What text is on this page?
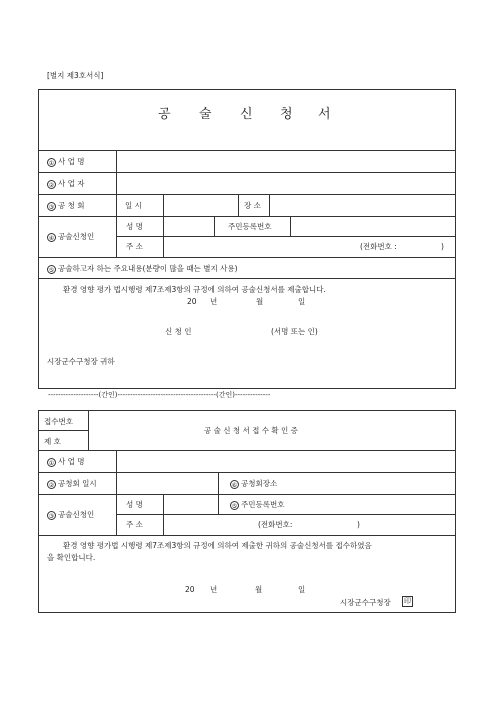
[별지 제3호서식]
공 술 신 청 서
① 사 업 명
② 사 업 자
③ 공 청 회	일 시	장 소
④ 공술신청인
성 명	주민등록번호
주 소	(전화번호 :	)
⑤ 공술하고자 하는 주요내용(분량이 많을 때는 별지 사용)
환경 영향 평가 법시행령 제7조제3항의 규정에 의하여 공술신청서를 제출합니다.
20 년	월	일
신 청 인	(서명 또는 인)
시장군수구청장 귀하
--------------------(간인)---------------------------------------(간인)--------------
접수번호
제 호
공 술 신 청 서 접 수 확 인 증
① 사 업 명
② 공청회 일시	⑥ 공청회장소
③ 공술신청인
성 명	⑤ 주민등록번호
주 소	(전화번호:	)
환경 영향 평가법 시행령 제7조제3항의 규정에 의하여 제출한 귀하의 공술신청서를 접수하였음
을 확인합니다.
20 년	월	일
시장군수구청장 印
